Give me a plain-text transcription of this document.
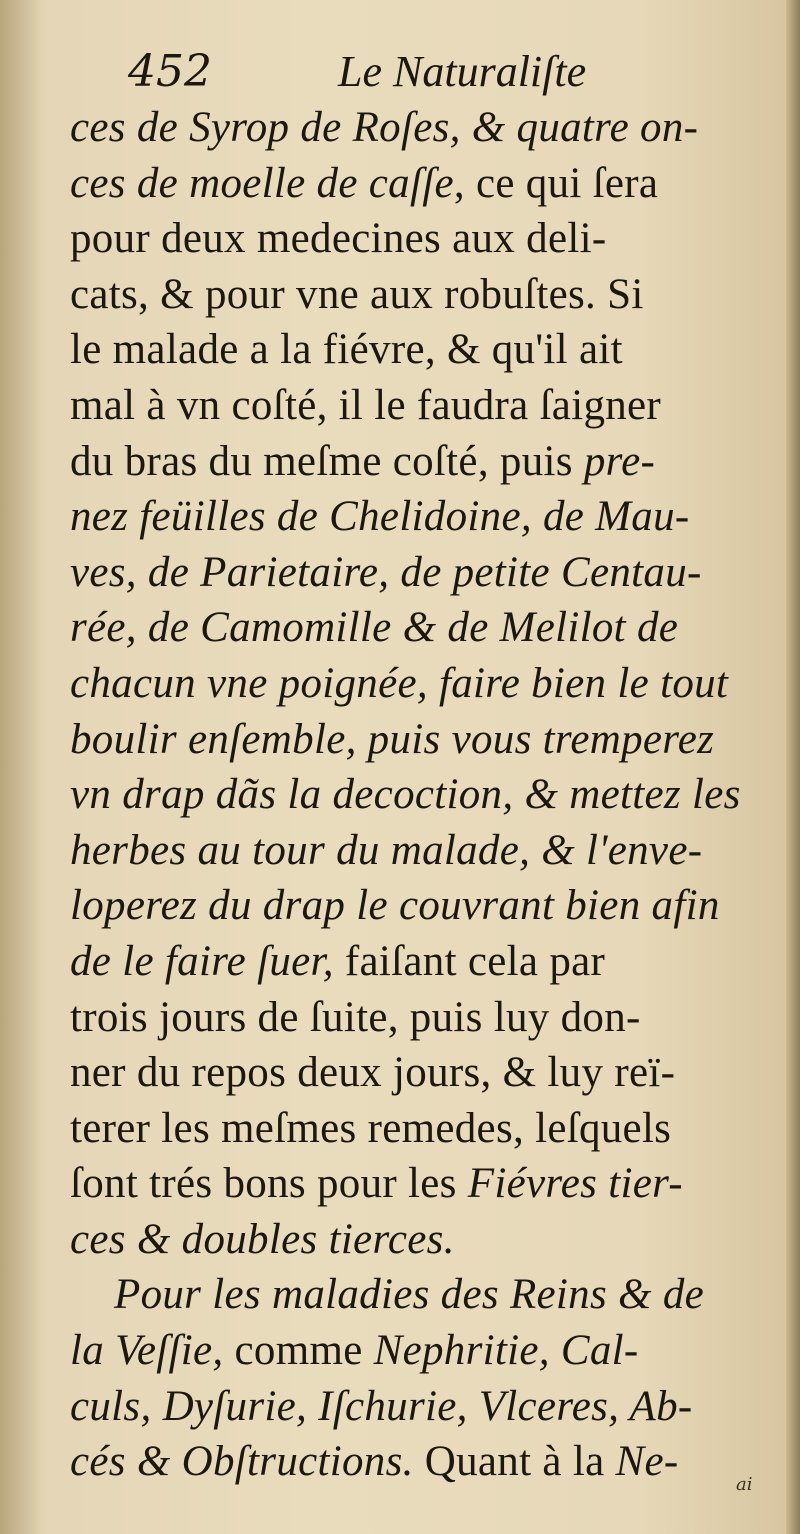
452	Le Naturaliſte
ces de Syrop de Roſes, & quatre on-
ces de moelle de caſſe, ce qui ſera
pour deux medecines aux deli-
cats, & pour vne aux robuſtes. Si
le malade a la fiévre, & qu'il ait
mal à vn coſté, il le faudra ſaigner
du bras du meſme coſté, puis pre-
nez feüilles de Chelidoine, de Mau-
ves, de Parietaire, de petite Centau-
rée, de Camomille & de Melilot de
chacun vne poignée, faire bien le tout
boulir enſemble, puis vous tremperez
vn drap dãs la decoction, & mettez les
herbes au tour du malade, & l'enve-
loperez du drap le couvrant bien afin
de le faire ſuer, faiſant cela par
trois jours de ſuite, puis luy don-
ner du repos deux jours, & luy reï-
terer les meſmes remedes, leſquels
ſont trés bons pour les Fiévres tier-
ces & doubles tierces.
Pour les maladies des Reins & de
la Veſſie, comme Nephritie, Cal-
culs, Dyſurie, Iſchurie, Vlceres, Ab-
cés & Obſtructions. Quant à la Ne-	ai
